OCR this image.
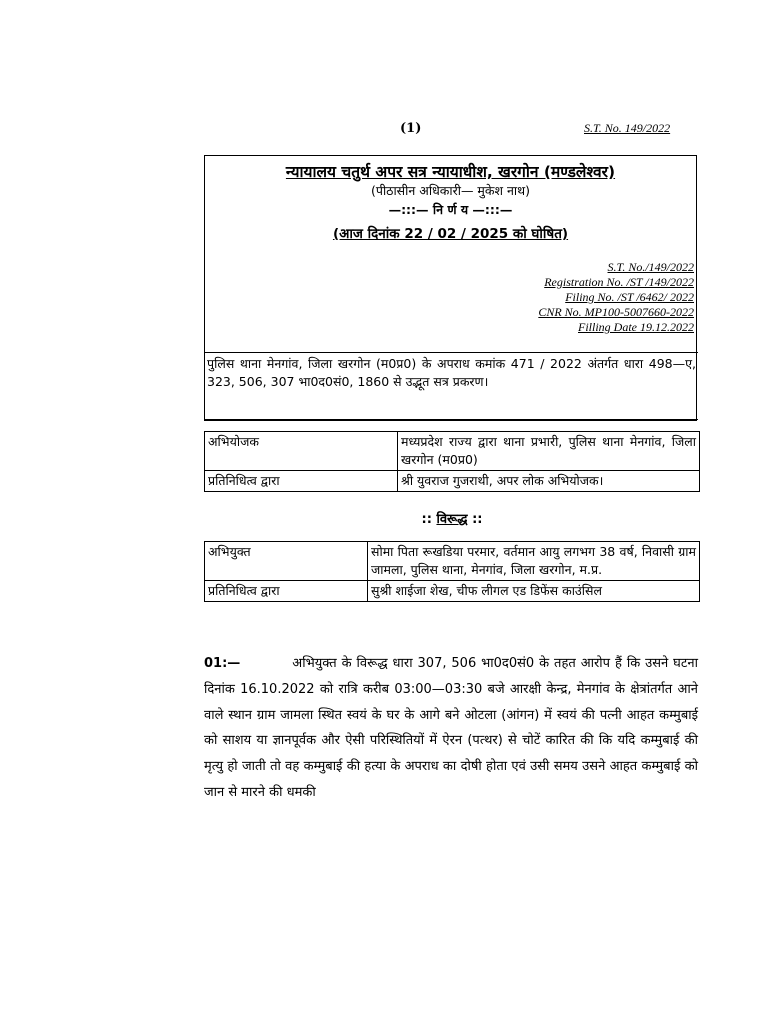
(1)	S.T. No. 149/2022
न्यायालय चतुर्थ अपर सत्र न्यायाधीश, खरगोन (मण्डलेश्वर)
(पीठासीन अधिकारी— मुकेश नाथ)
—:::— नि र्ण य —:::—
(आज दिनांक 22 / 02 / 2025 को घोषित)
S.T. No./149/2022
Registration No. /ST /149/2022
Filing No. /ST /6462/ 2022
CNR No. MP100-5007660-2022
Filling Date 19.12.2022
पुलिस थाना मेनगांव, जिला खरगोन (म0प्र0) के अपराध कमांक 471 / 2022 अंतर्गत धारा 498—ए, 323, 506, 307 भा0द0सं0, 1860 से उद्भूत सत्र प्रकरण।
अभियोजक	मध्यप्रदेश राज्य द्वारा थाना प्रभारी, पुलिस थाना मेनगांव, जिला खरगोन (म0प्र0)
प्रतिनिधित्व द्वारा	श्री युवराज गुजराथी, अपर लोक अभियोजक।
:: विरूद्ध ::
अभियुक्त	सोमा पिता रूखडिया परमार, वर्तमान आयु लगभग 38 वर्ष, निवासी ग्राम जामला, पुलिस थाना, मेनगांव, जिला खरगोन, म.प्र.
प्रतिनिधित्व द्वारा	सुश्री शाईजा शेख, चीफ लीगल एड डिफेंस काउंसिल
01:—	अभियुक्त के विरूद्ध धारा 307, 506 भा0द0सं0 के तहत आरोप हैं कि उसने घटना दिनांक 16.10.2022 को रात्रि करीब 03:00—03:30 बजे आरक्षी केन्द्र, मेनगांव के क्षेत्रांतर्गत आने वाले स्थान ग्राम जामला स्थित स्वयं के घर के आगे बने ओटला (आंगन) में स्वयं की पत्नी आहत कम्मुबाई को साशय या ज्ञानपूर्वक और ऐसी परिस्थितियों में ऐरन (पत्थर) से चोटें कारित की कि यदि कम्मुबाई की मृत्यु हो जाती तो वह कम्मुबाई की हत्या के अपराध का दोषी होता एवं उसी समय उसने आहत कम्मुबाई को जान से मारने की धमकी
